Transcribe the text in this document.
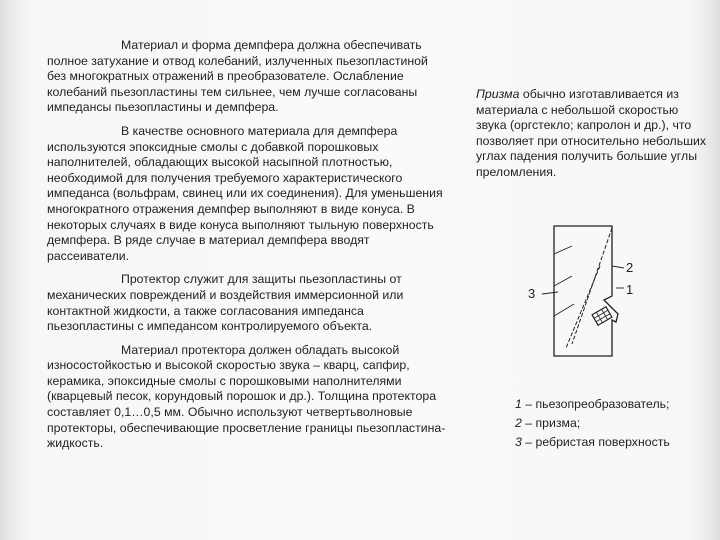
Материал и форма демпфера должна обеспечивать полное затухание и отвод колебаний, излученных пьезопластиной без многократных отражений в преобразователе. Ослабление колебаний пьезопластины тем сильнее, чем лучше согласованы импедансы пьезопластины и демпфера.

В качестве основного материала для демпфера используются эпоксидные смолы с добавкой порошковых наполнителей, обладающих высокой насыпной плотностью, необходимой для получения требуемого характеристического импеданса (вольфрам, свинец или их соединения). Для уменьшения многократного отражения демпфер выполняют в виде конуса. В некоторых случаях в виде конуса выполняют тыльную поверхность демпфера. В ряде случае в материал демпфера вводят рассеиватели.

Протектор служит для защиты пьезопластины от механических повреждений и воздействия иммерсионной или контактной жидкости, а также согласования импеданса пьезопластины с импедансом контролируемого объекта.

Материал протектора должен обладать высокой износостойкостью и высокой скоростью звука – кварц, сапфир, керамика, эпоксидные смолы с порошковыми наполнителями (кварцевый песок, корундовый порошок и др.). Толщина протектора составляет 0,1…0,5 мм. Обычно используют четвертьволновые протекторы, обеспечивающие просветление границы пьезопластина-жидкость.

Призма обычно изготавливается из материала с небольшой скоростью звука (оргстекло; капролон и др.), что позволяет при относительно небольших углах падения получить большие углы преломления.
2
1
3
1 – пьезопреобразователь;
2 – призма;
3 – ребристая поверхность
